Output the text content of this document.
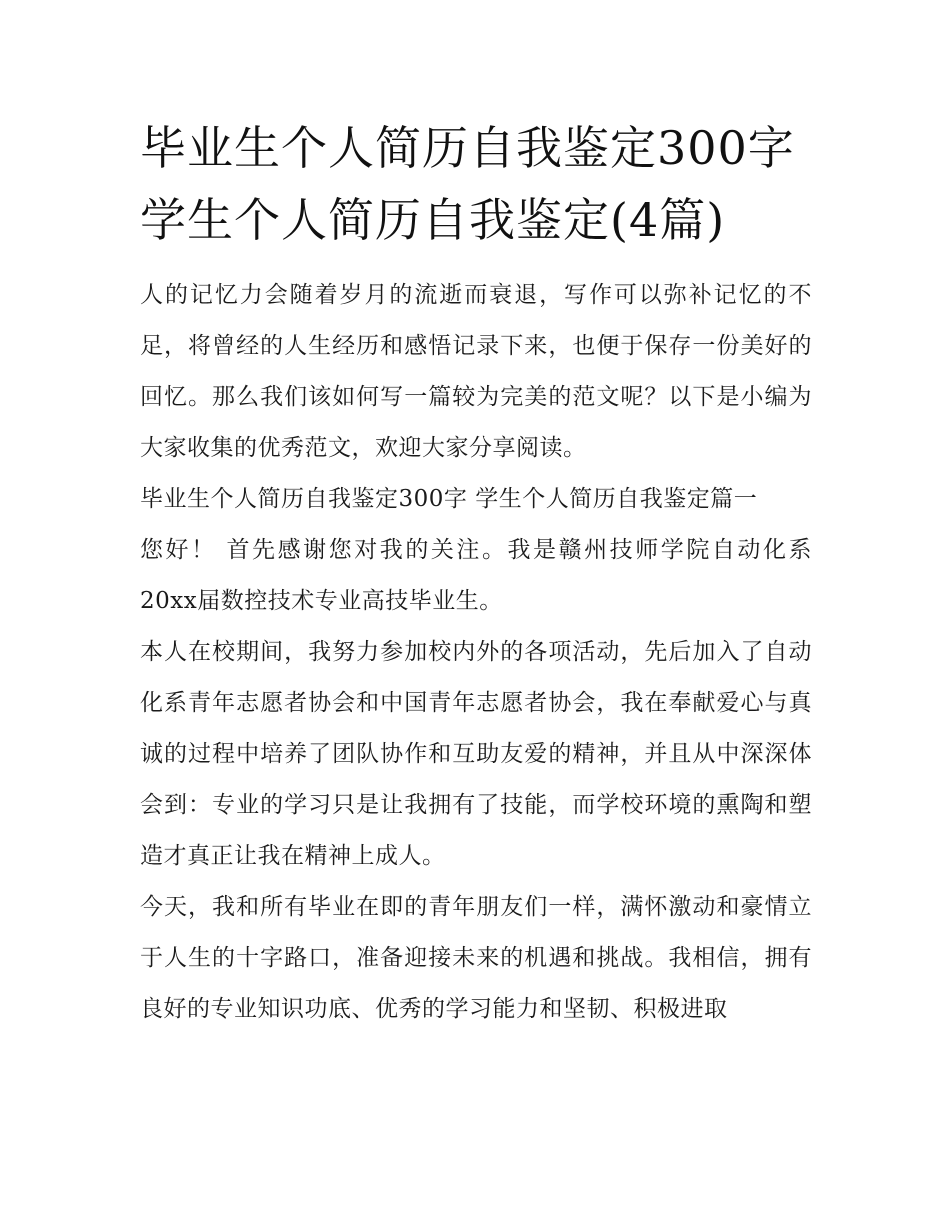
毕业生个人简历自我鉴定300字 学生个人简历自我鉴定(4篇)

人的记忆力会随着岁月的流逝而衰退，写作可以弥补记忆的不足，将曾经的人生经历和感悟记录下来，也便于保存一份美好的回忆。那么我们该如何写一篇较为完美的范文呢？以下是小编为大家收集的优秀范文，欢迎大家分享阅读。

毕业生个人简历自我鉴定300字 学生个人简历自我鉴定篇一

您好！ 首先感谢您对我的关注。我是赣州技师学院自动化系20xx届数控技术专业高技毕业生。

本人在校期间，我努力参加校内外的各项活动，先后加入了自动化系青年志愿者协会和中国青年志愿者协会，我在奉献爱心与真诚的过程中培养了团队协作和互助友爱的精神，并且从中深深体会到：专业的学习只是让我拥有了技能，而学校环境的熏陶和塑造才真正让我在精神上成人。

今天，我和所有毕业在即的青年朋友们一样，满怀激动和豪情立于人生的十字路口，准备迎接未来的机遇和挑战。我相信，拥有良好的专业知识功底、优秀的学习能力和坚韧、积极进取
